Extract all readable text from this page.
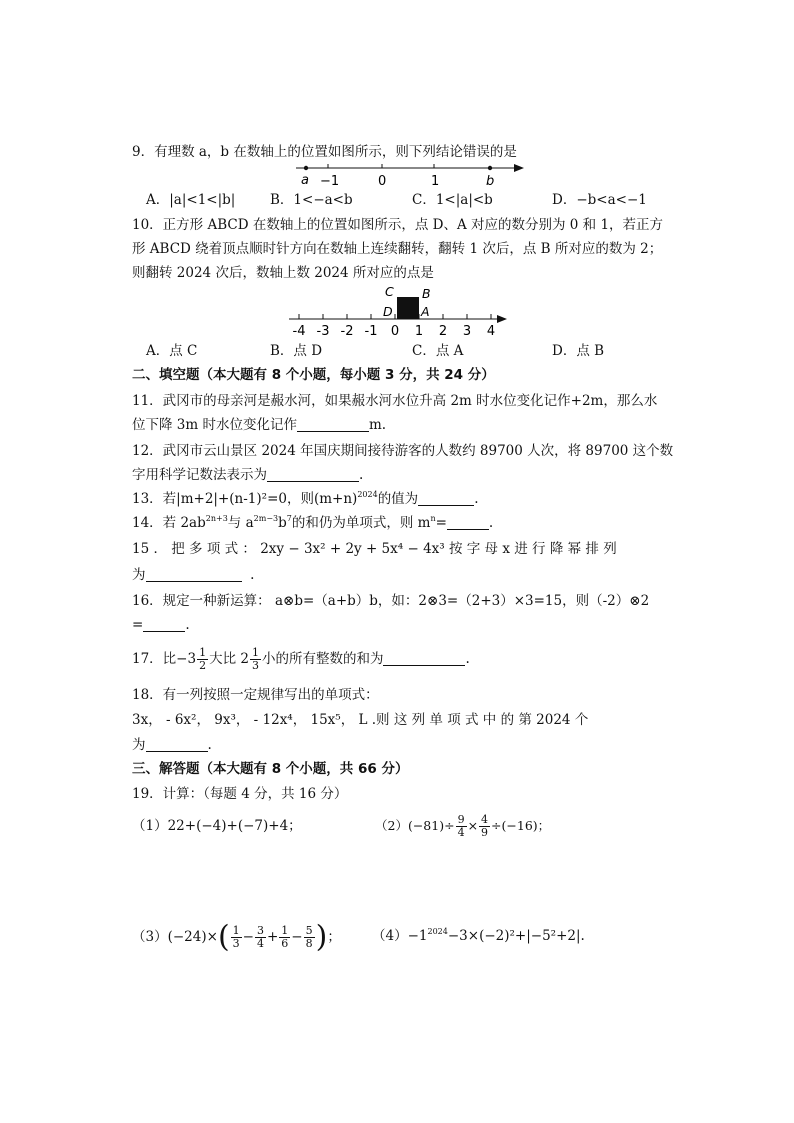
9．有理数 a，b 在数轴上的位置如图所示，则下列结论错误的是
a −1	0	1	b
A．|a|<1<|b|	B．1<−a<b	C．1<|a|<b	D．−b<a<−1
10．正方形 ABCD 在数轴上的位置如图所示，点 D、A 对应的数分别为 0 和 1，若正方
形 ABCD 绕着顶点顺时针方向在数轴上连续翻转，翻转 1 次后，点 B 所对应的数为 2；
则翻转 2024 次后，数轴上数 2024 所对应的点是
C B
D A
-4 -3 -2 -1 0 1 2 3 4
A．点 C	B．点 D	C．点 A	D．点 B
二、填空题（本大题有 8 个小题，每小题 3 分，共 24 分）
11．武冈市的母亲河是赧水河，如果赧水河水位升高 2m 时水位变化记作+2m，那么水
位下降 3m 时水位变化记作	m.
12．武冈市云山景区 2024 年国庆期间接待游客的人数约 89700 人次，将 89700 这个数
字用科学记数法表示为	.
13．若|m+2|+(n-1)²=0，则$(m+n)^{2024}$的值为	.
14．若 $2ab^{2n+3}$与 $a^{2m-3}b^7$的和仍为单项式，则 $m^n=$	.
15 ． 把 多 项 式 ： 2xy − 3x² + 2y + 5x⁴ − 4x³ 按 字 母 x 进 行 降 幂 排 列
为	.
16．规定一种新运算： a⊗b=（a+b）b，如：2⊗3=（2+3）×3=15，则（-2）⊗2
=	.
17．比$-3 \frac{1}{2}$ 大比 $2 \frac{1}{3}$ 小的所有整数的和为	.
18．有一列按照一定规律写出的单项式：
3x， - 6x²， 9x³， - 12x⁴， 15x⁵， L .则 这 列 单 项 式 中 的 第 2024 个
为	.
三、解答题（本大题有 8 个小题，共 66 分）
19．计算：（每题 4 分，共 16 分）
（1）22+(−4)+(−7)+4；	$(2)(-81)\div \frac{9}{4} \times \frac{4}{9} \div(-16)$；
$(3)(-24)\times( \frac{1}{3} - \frac{3}{4} + \frac{1}{6} - \frac{5}{8}$ )； $(4)-1^{2024}-3\times(-2)^2+|-5^2+2|$.
